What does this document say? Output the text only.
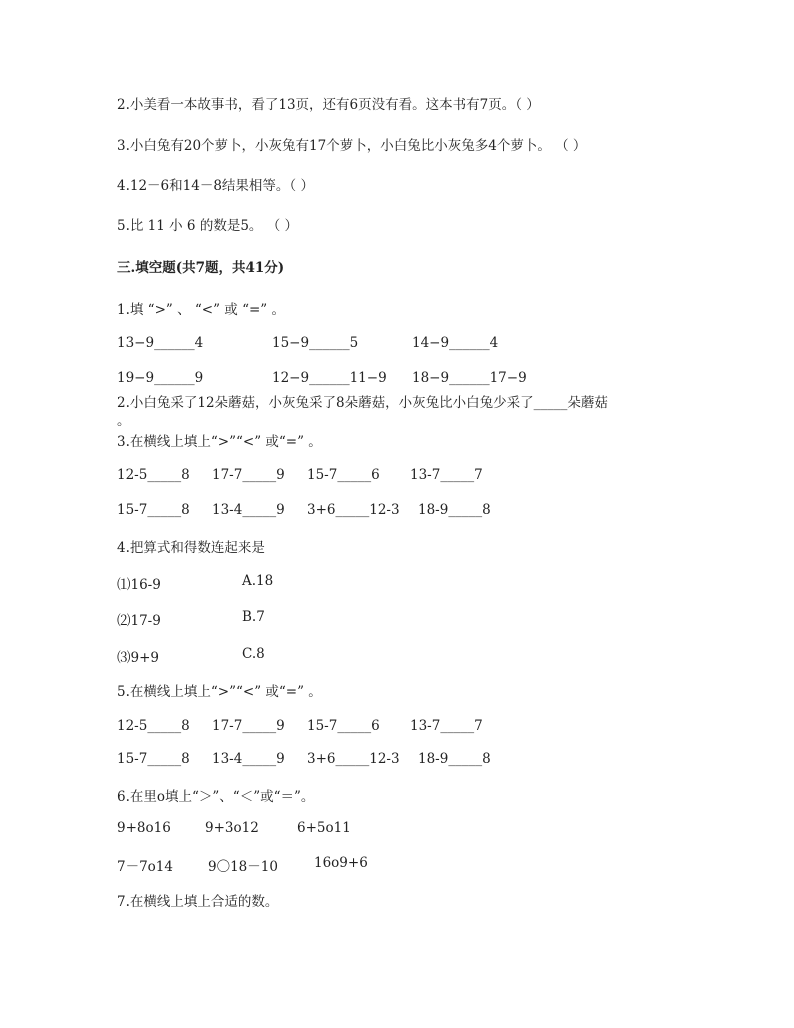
2.小美看一本故事书，看了13页，还有6页没有看。这本书有7页。（ ）
3.小白兔有20个萝卜，小灰兔有17个萝卜，小白兔比小灰兔多4个萝卜。 （ ）
4.12－6和14－8结果相等。（ ）
5.比 11 小 6 的数是5。 （ ）
三.填空题(共7题，共41分)
1.填 “>” 、 “<” 或 “=” 。
13−9______4	15−9______5	14−9______4
19−9______9	12−9______11−9 18−9______17−9
2.小白兔采了12朵蘑菇，小灰兔采了8朵蘑菇，小灰兔比小白兔少采了_____朵蘑菇
。
3.在横线上填上“>”“<” 或“=” 。
12-5_____8 17-7_____9 15-7_____6 13-7_____7
15-7_____8 13-4_____9 3+6_____12-3 18-9_____8
4.把算式和得数连起来是
⑴16-9	A.18
⑵17-9	B.7
⑶9+9	C.8
5.在横线上填上“>”“<” 或“=” 。
12-5_____8 17-7_____9 15-7_____6 13-7_____7
15-7_____8 13-4_____9 3+6_____12-3 18-9_____8
6.在里o填上“＞”、“＜”或“＝”。
9+8o16	9+3o12	6+5o11
7－7o14	9〇18－10	16o9+6
7.在横线上填上合适的数。
